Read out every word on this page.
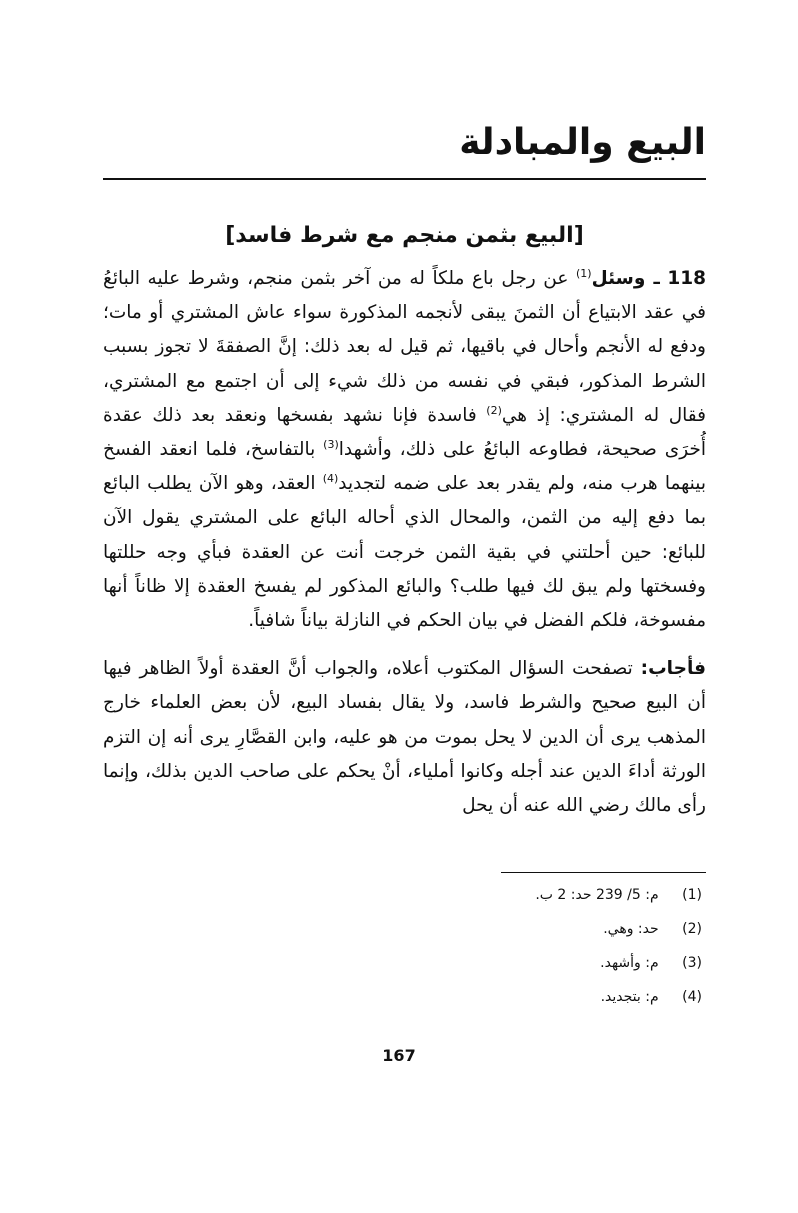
البيع والمبادلة
[البيع بثمن منجم مع شرط فاسد]

118 ـ وسئل$^{(1)}$ عن رجل باع ملكاً له من آخر بثمن منجم، وشرط عليه البائعُ في عقد الابتياع أن الثمنَ يبقى لأنجمه المذكورة سواء عاش المشتري أو مات؛ ودفع له الأنجم وأحال في باقيها، ثم قيل له بعد ذلك: إنَّ الصفقةَ لا تجوز بسبب الشرط المذكور، فبقي في نفسه من ذلك شيء إلى أن اجتمع مع المشتري، فقال له المشتري: إذ هي$^{(2)}$ فاسدة فإنا نشهد بفسخها ونعقد بعد ذلك عقدة أُخرَى صحيحة، فطاوعه البائعُ على ذلك، وأشهدا$^{(3)}$ بالتفاسخ، فلما انعقد الفسخ بينهما هرب منه، ولم يقدر بعد على ضمه لتجديد$^{(4)}$ العقد، وهو الآن يطلب البائع بما دفع إليه من الثمن، والمحال الذي أحاله البائع على المشتري يقول الآن للبائع: حين أحلتني في بقية الثمن خرجت أنت عن العقدة فبأي وجه حللتها وفسختها ولم يبق لك فيها طلب؟ والبائع المذكور لم يفسخ العقدة إلا ظاناً أنها مفسوخة، فلكم الفضل في بيان الحكم في النازلة بياناً شافياً.

فأجاب: تصفحت السؤال المكتوب أعلاه، والجواب أنَّ العقدة أولاً الظاهر فيها أن البيع صحيح والشرط فاسد، ولا يقال بفساد البيع، لأن بعض العلماء خارج المذهب يرى أن الدين لا يحل بموت من هو عليه، وابن القصَّارِ يرى أنه إن التزم الورثة أداءَ الدين عند أجله وكانوا أملياء، أنْ يحكم على صاحب الدين بذلك، وإنما رأى مالك رضي الله عنه أن يحل

(1)   م: 5/ 239 حد: 2 ب.
(2)   حد: وهي.
(3)   م: وأشهد.
(4)   م: بتجديد.
167
